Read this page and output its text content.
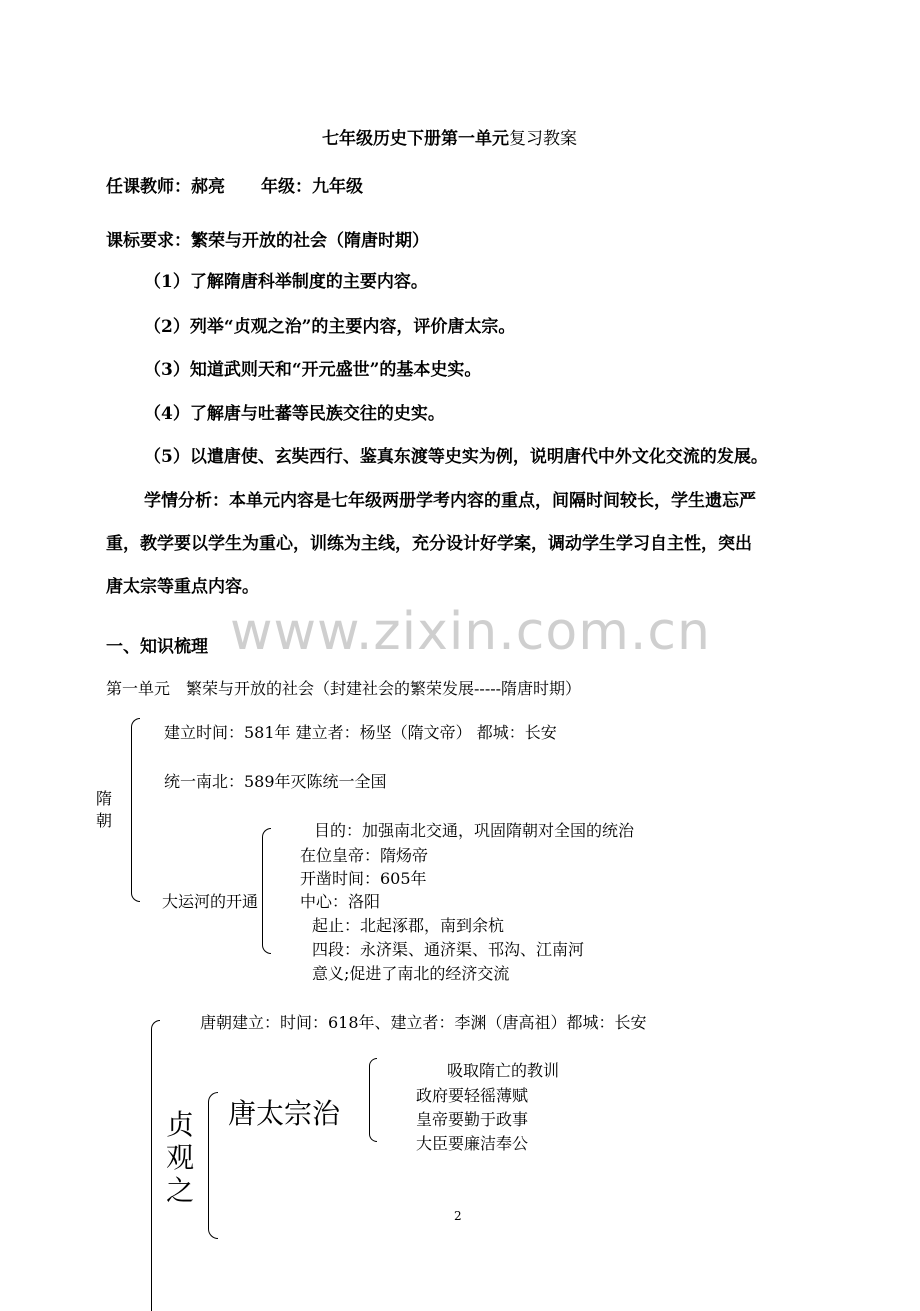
七年级历史下册第一单元复习教案
任课教师：郝亮 年级：九年级
课标要求：繁荣与开放的社会（隋唐时期）
（1）了解隋唐科举制度的主要内容。
（2）列举“贞观之治”的主要内容，评价唐太宗。
（3）知道武则天和“开元盛世”的基本史实。
（4）了解唐与吐蕃等民族交往的史实。
（5）以遣唐使、玄奘西行、鉴真东渡等史实为例，说明唐代中外文化交流的发展。
学情分析：本单元内容是七年级两册学考内容的重点，间隔时间较长，学生遗忘严
重，教学要以学生为重心，训练为主线，充分设计好学案，调动学生学习自主性，突出
唐太宗等重点内容。
www.zixin.com.cn
一、知识梳理
第一单元　繁荣与开放的社会（封建社会的繁荣发展-----隋唐时期）
隋
朝
建立时间：581年 建立者：杨坚（隋文帝） 都城：长安
统一南北：589年灭陈统一全国
大运河的开通
目的：加强南北交通，巩固隋朝对全国的统治
在位皇帝：隋炀帝
开凿时间：605年
中心：洛阳
起止：北起涿郡，南到余杭
四段：永济渠、通济渠、邗沟、江南河
意义;促进了南北的经济交流
唐朝建立：时间：618年、建立者：李渊（唐高祖）都城：长安
贞
观
之
唐太宗治
吸取隋亡的教训
政府要轻徭薄赋
皇帝要勤于政事
大臣要廉洁奉公
2
